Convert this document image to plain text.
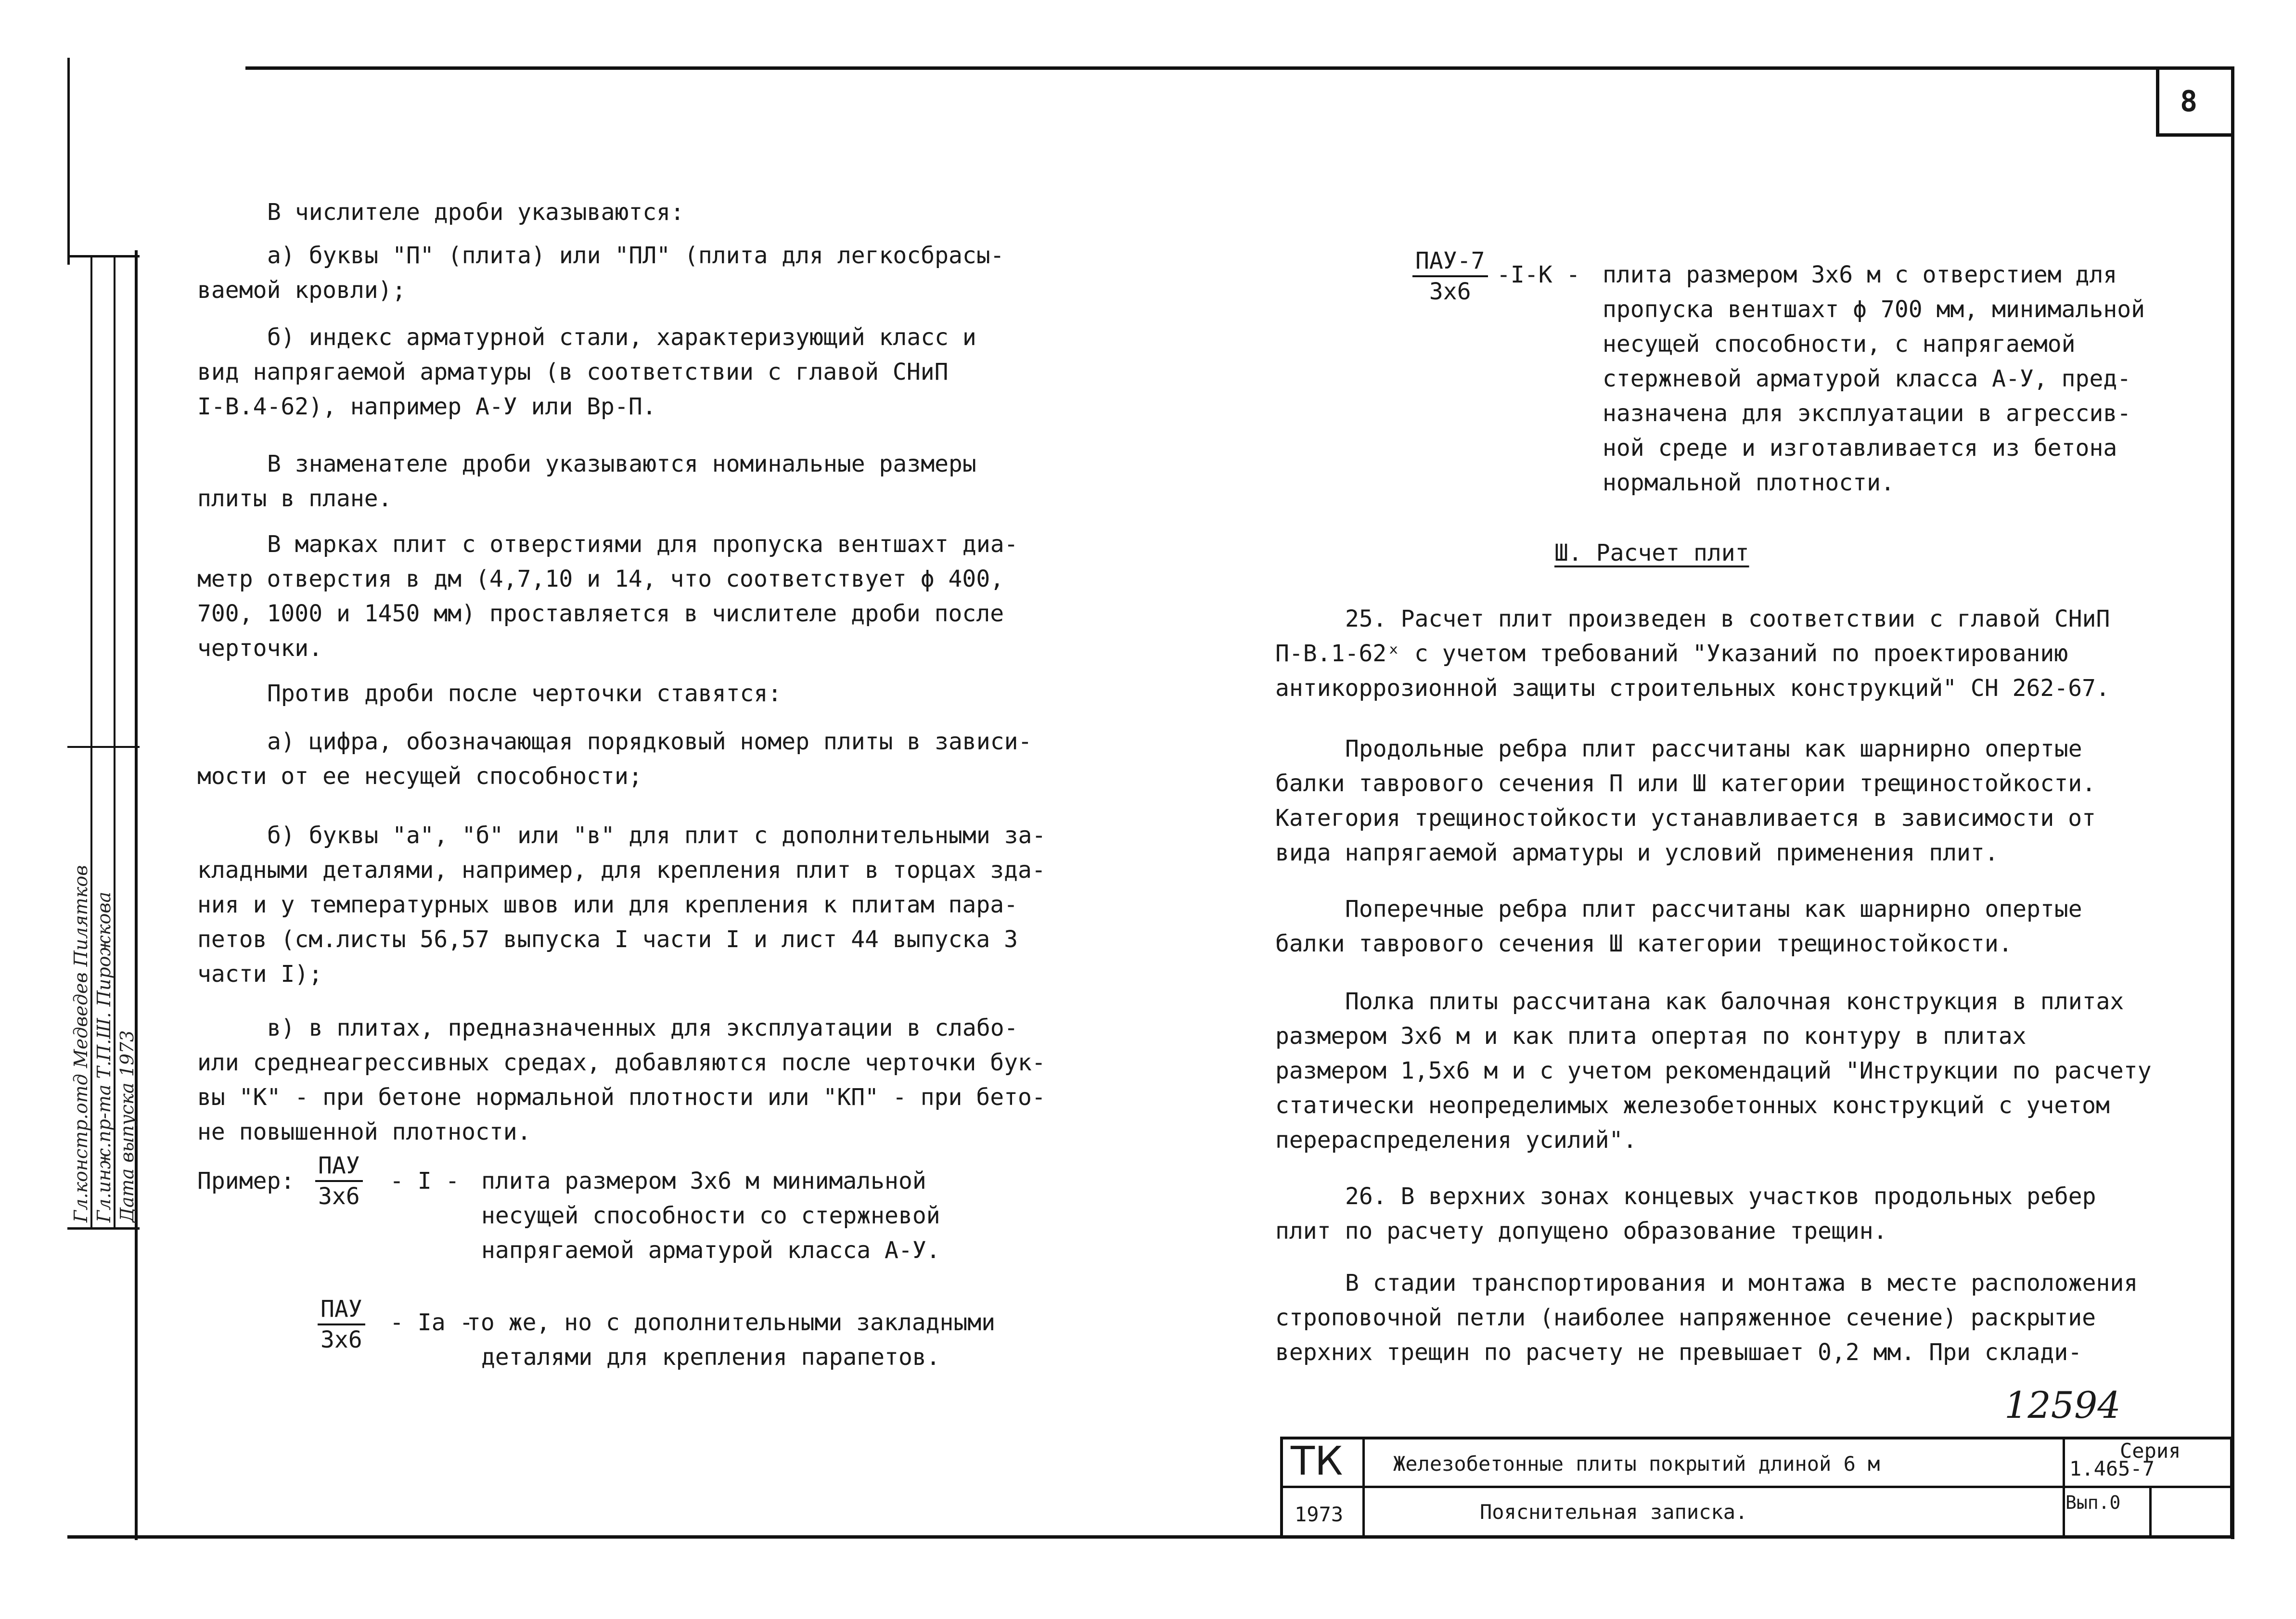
8
Гл.констр.отд Медведев Пилятков Гл.инж.пр-та Т.П.Ш. Пирожкова Дата выпуска 1973
В числителе дроби указываются:
а) буквы "П" (плита) или "ПЛ" (плита для легкосбрасы-
ваемой кровли);
б) индекс арматурной стали, характеризующий класс и
вид напрягаемой арматуры (в соответствии с главой СНиП
I-В.4-62), например А-У или Вр-П.
В знаменателе дроби указываются номинальные размеры
плиты в плане.
В марках плит с отверстиями для пропуска вентшахт диа-
метр отверстия в дм (4,7,10 и 14, что соответствует ϕ 400,
700, 1000 и 1450 мм) проставляется в числителе дроби после
черточки.
Против дроби после черточки ставятся:
а) цифра, обозначающая порядковый номер плиты в зависи-
мости от ее несущей способности;
б) буквы "а", "б" или "в" для плит с дополнительными за-
кладными деталями, например, для крепления плит в торцах зда-
ния и у температурных швов или для крепления к плитам пара-
петов (см.листы 56,57 выпуска I части I и лист 44 выпуска 3
части I);
в) в плитах, предназначенных для эксплуатации в слабо-
или среднеагрессивных средах, добавляются после черточки бук-
вы "К" - при бетоне нормальной плотности или "КП" - при бето-
не повышенной плотности.
Пример:
ПАУ
3х6
- I - плита размером 3х6 м минимальной
несущей способности со стержневой
напрягаемой арматурой класса А-У.
ПАУ
3х6
- Iа -
то же, но с дополнительными закладными
деталями для крепления парапетов.
ПАУ-7
3х6
-I-К - плита размером 3х6 м с отверстием для
пропуска вентшахт ϕ 700 мм, минимальной
несущей способности, с напрягаемой
стержневой арматурой класса А-У, пред-
назначена для эксплуатации в агрессив-
ной среде и изготавливается из бетона
нормальной плотности.
Ш. Расчет плит
25. Расчет плит произведен в соответствии с главой СНиП
П-В.1-62ˣ с учетом требований "Указаний по проектированию
антикоррозионной защиты строительных конструкций" СН 262-67.
Продольные ребра плит рассчитаны как шарнирно опертые
балки таврового сечения П или Ш категории трещиностойкости.
Категория трещиностойкости устанавливается в зависимости от
вида напрягаемой арматуры и условий применения плит.
Поперечные ребра плит рассчитаны как шарнирно опертые
балки таврового сечения Ш категории трещиностойкости.
Полка плиты рассчитана как балочная конструкция в плитах
размером 3х6 м и как плита опертая по контуру в плитах
размером 1,5х6 м и с учетом рекомендаций "Инструкции по расчету
статически неопределимых железобетонных конструкций с учетом
перераспределения усилий".
26. В верхних зонах концевых участков продольных ребер
плит по расчету допущено образование трещин.
В стадии транспортирования и монтажа в месте расположения
строповочной петли (наиболее напряженное сечение) раскрытие
верхних трещин по расчету не превышает 0,2 мм. При склади-
12594
ТК Железобетонные плиты покрытий длиной 6 м
Серия
1.465-7
1973	Пояснительная записка.	Вып.0
